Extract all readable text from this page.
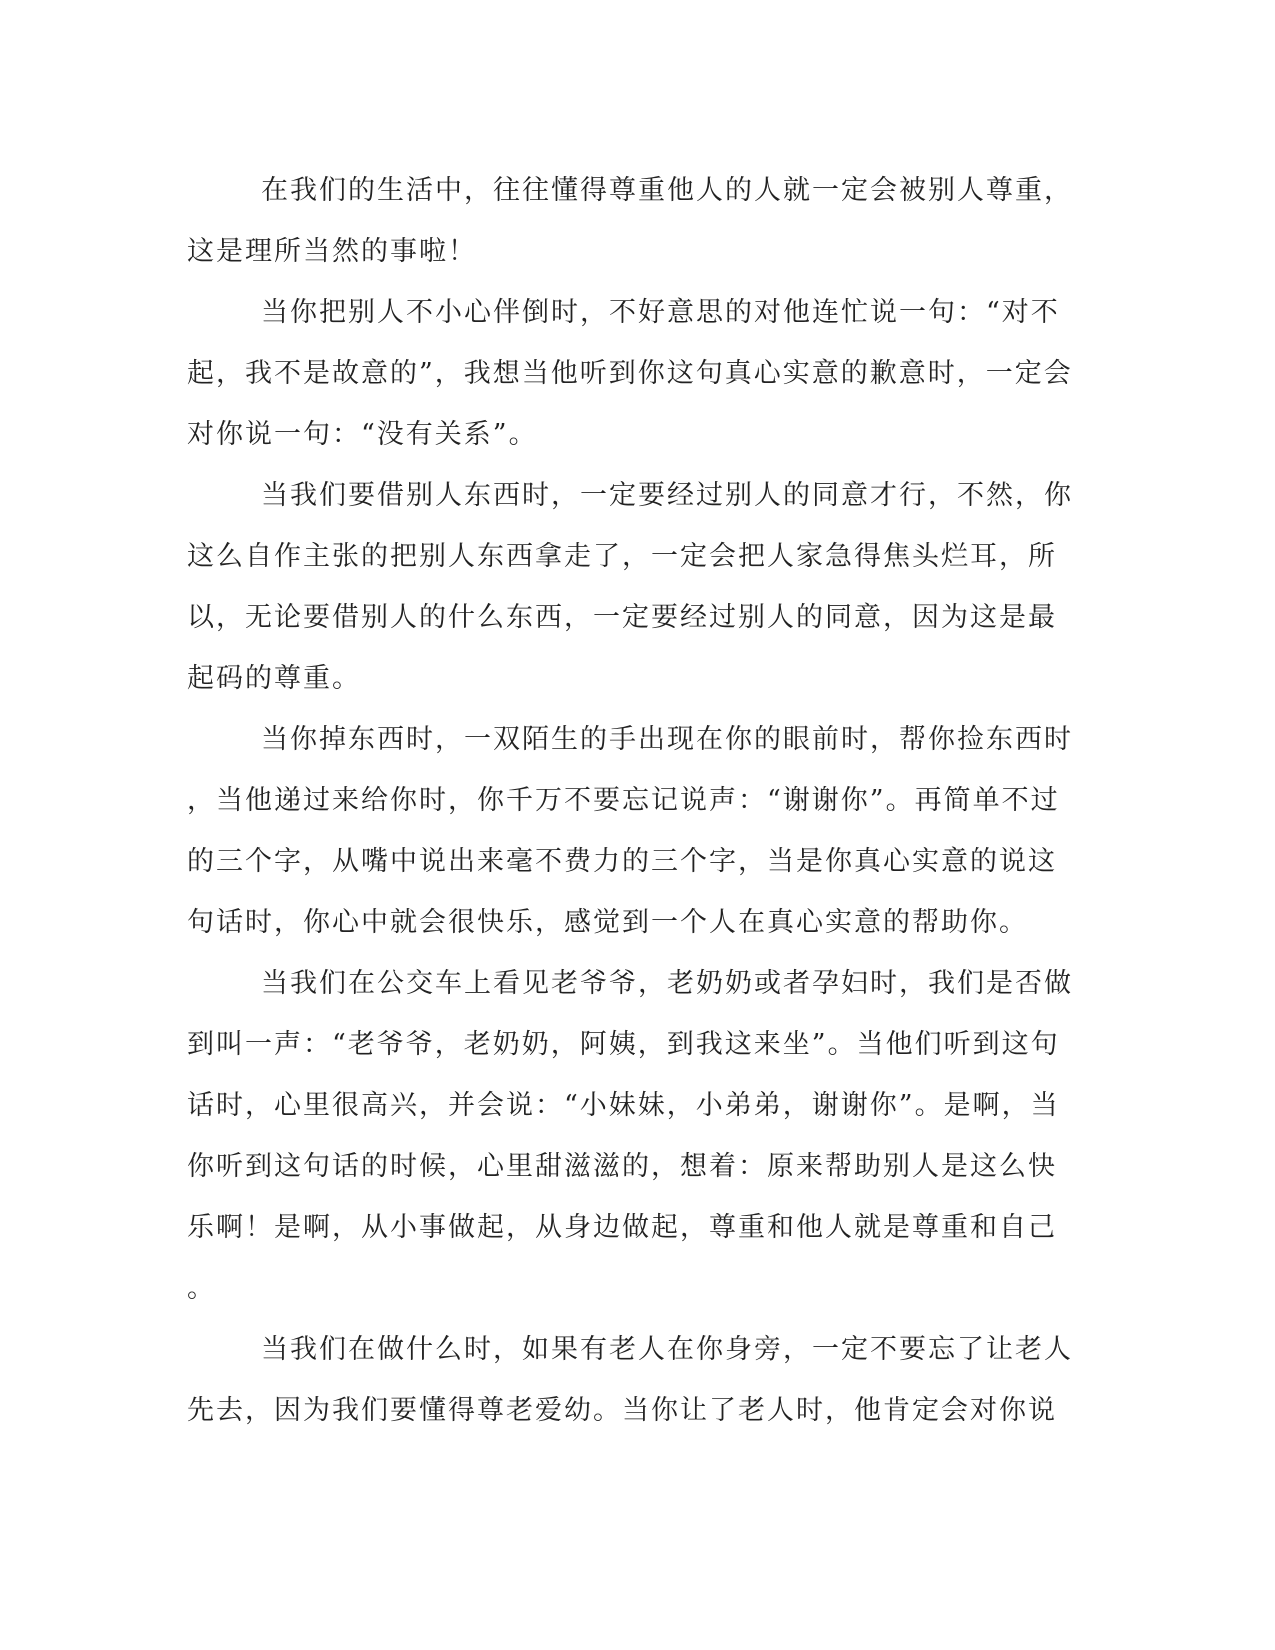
在我们的生活中，往往懂得尊重他人的人就一定会被别人尊重，
这是理所当然的事啦！
当你把别人不小心伴倒时，不好意思的对他连忙说一句：“对不
起，我不是故意的”，我想当他听到你这句真心实意的歉意时，一定会
对你说一句：“没有关系”。
当我们要借别人东西时，一定要经过别人的同意才行，不然，你
这么自作主张的把别人东西拿走了，一定会把人家急得焦头烂耳，所
以，无论要借别人的什么东西，一定要经过别人的同意，因为这是最
起码的尊重。
当你掉东西时，一双陌生的手出现在你的眼前时，帮你捡东西时
，当他递过来给你时，你千万不要忘记说声：“谢谢你”。再简单不过
的三个字，从嘴中说出来毫不费力的三个字，当是你真心实意的说这
句话时，你心中就会很快乐，感觉到一个人在真心实意的帮助你。
当我们在公交车上看见老爷爷，老奶奶或者孕妇时，我们是否做
到叫一声：“老爷爷，老奶奶，阿姨，到我这来坐”。当他们听到这句
话时，心里很高兴，并会说：“小妹妹，小弟弟，谢谢你”。是啊，当
你听到这句话的时候，心里甜滋滋的，想着：原来帮助别人是这么快
乐啊！是啊，从小事做起，从身边做起，尊重和他人就是尊重和自己
。
当我们在做什么时，如果有老人在你身旁，一定不要忘了让老人
先去，因为我们要懂得尊老爱幼。当你让了老人时，他肯定会对你说
